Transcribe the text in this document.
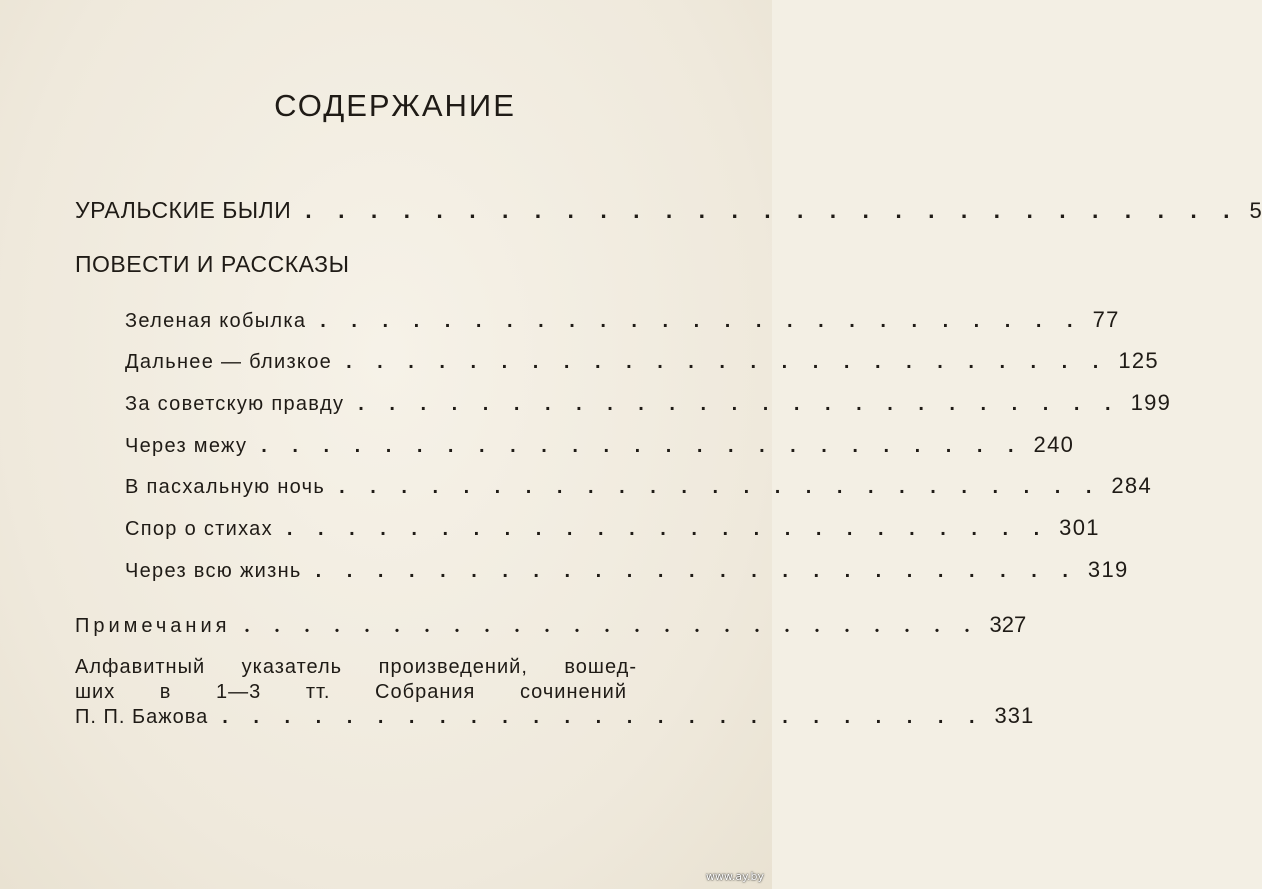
СОДЕРЖАНИЕ
УРАЛЬСКИЕ БЫЛИ . . . . . . . . . . . . . . . . . . . . . . . . . . . . . 5
ПОВЕСТИ И РАССКАЗЫ
Зеленая кобылка . . . . . . . . . . . . . . . . . . . . . . . . . 77
Дальнее — близкое . . . . . . . . . . . . . . . . . . . . . . . . . 125
За советскую правду . . . . . . . . . . . . . . . . . . . . . . . . . 199
Через межу . . . . . . . . . . . . . . . . . . . . . . . . . 240
В пасхальную ночь . . . . . . . . . . . . . . . . . . . . . . . . . 284
Спор о стихах . . . . . . . . . . . . . . . . . . . . . . . . . 301
Через всю жизнь . . . . . . . . . . . . . . . . . . . . . . . . . 319
Примечания . . . . . . . . . . . . . . . . . . . . . . . . . 327
Алфавитный указатель произведений, вошед-
ших в 1—3 тт. Собрания сочинений
П. П. Бажова . . . . . . . . . . . . . . . . . . . . . . . . . 331
www.ay.by
